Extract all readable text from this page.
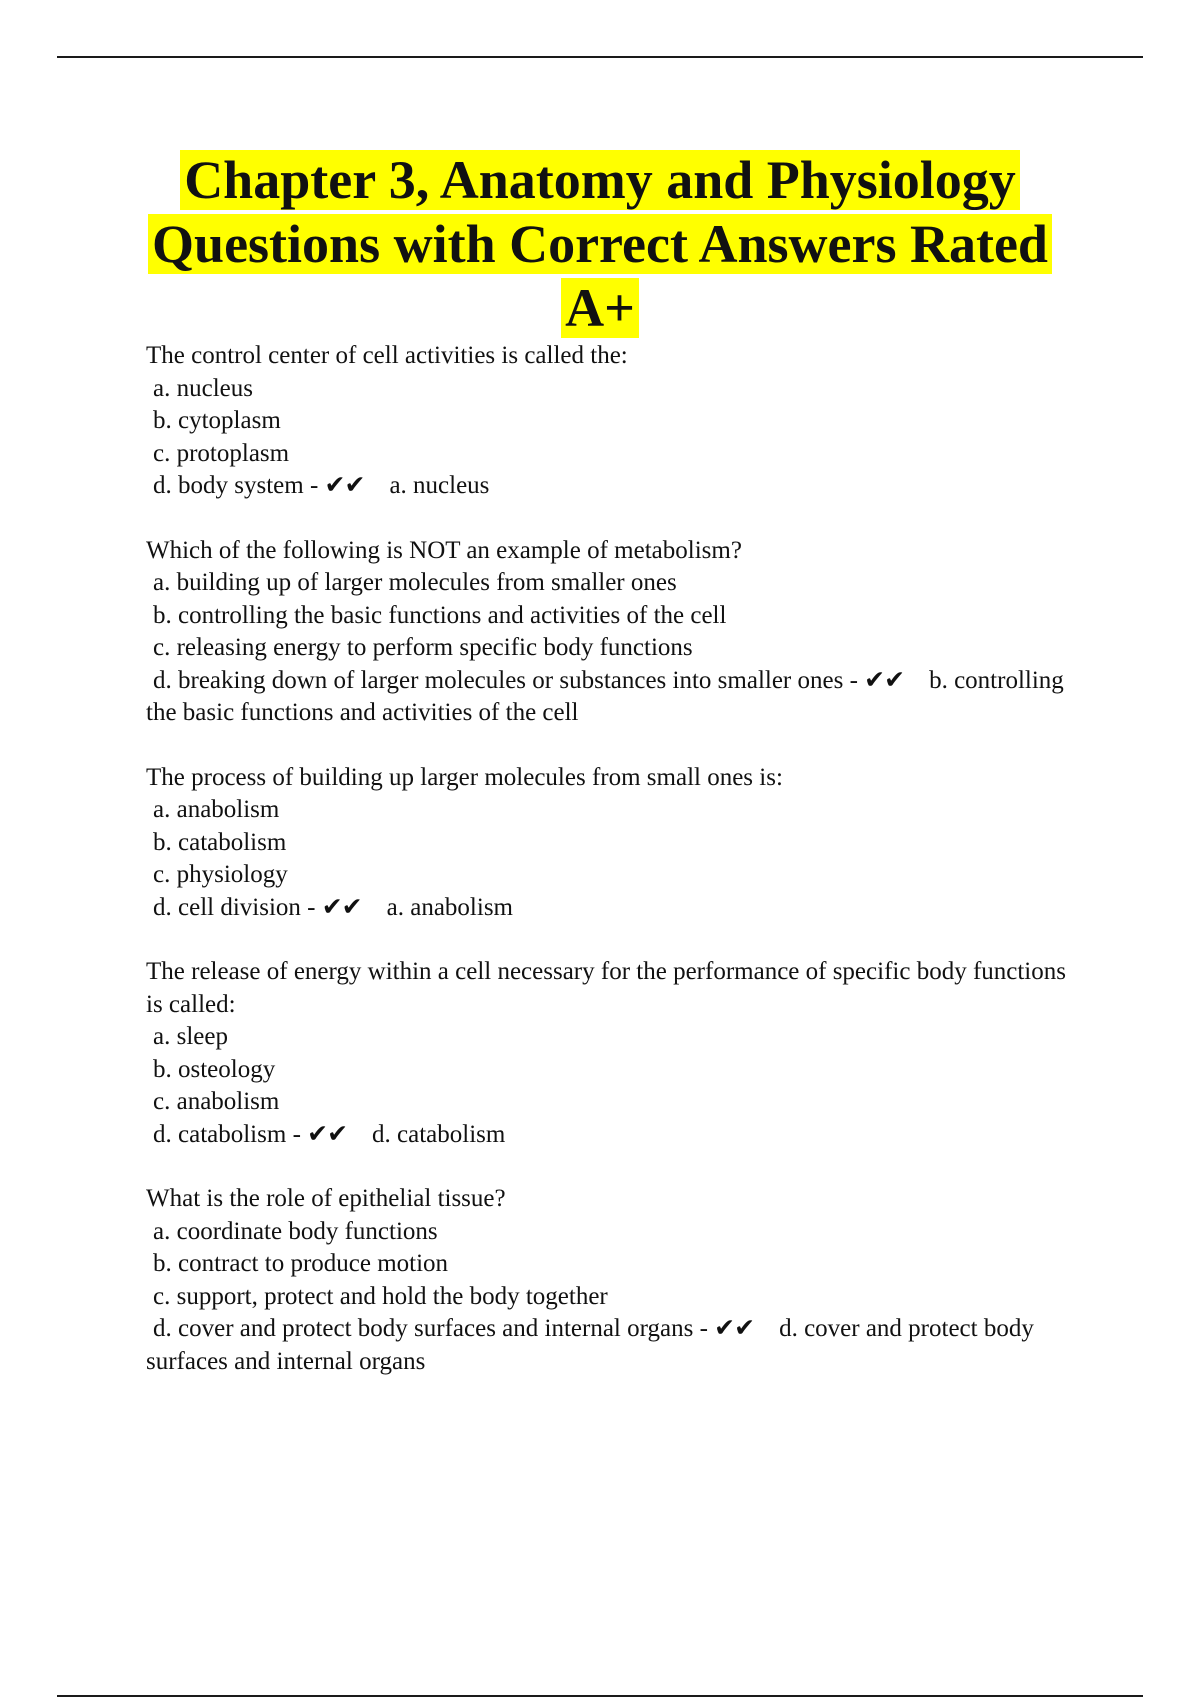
Chapter 3, Anatomy and Physiology
Questions with Correct Answers Rated
A+
The control center of cell activities is called the:
a. nucleus
b. cytoplasm
c. protoplasm
d. body system - ✔✔ a. nucleus
Which of the following is NOT an example of metabolism?
a. building up of larger molecules from smaller ones
b. controlling the basic functions and activities of the cell
c. releasing energy to perform specific body functions
d. breaking down of larger molecules or substances into smaller ones - ✔✔ b. controlling the basic functions and activities of the cell
The process of building up larger molecules from small ones is:
a. anabolism
b. catabolism
c. physiology
d. cell division - ✔✔ a. anabolism
The release of energy within a cell necessary for the performance of specific body functions is called:
a. sleep
b. osteology
c. anabolism
d. catabolism - ✔✔ d. catabolism
What is the role of epithelial tissue?
a. coordinate body functions
b. contract to produce motion
c. support, protect and hold the body together
d. cover and protect body surfaces and internal organs - ✔✔ d. cover and protect body surfaces and internal organs
